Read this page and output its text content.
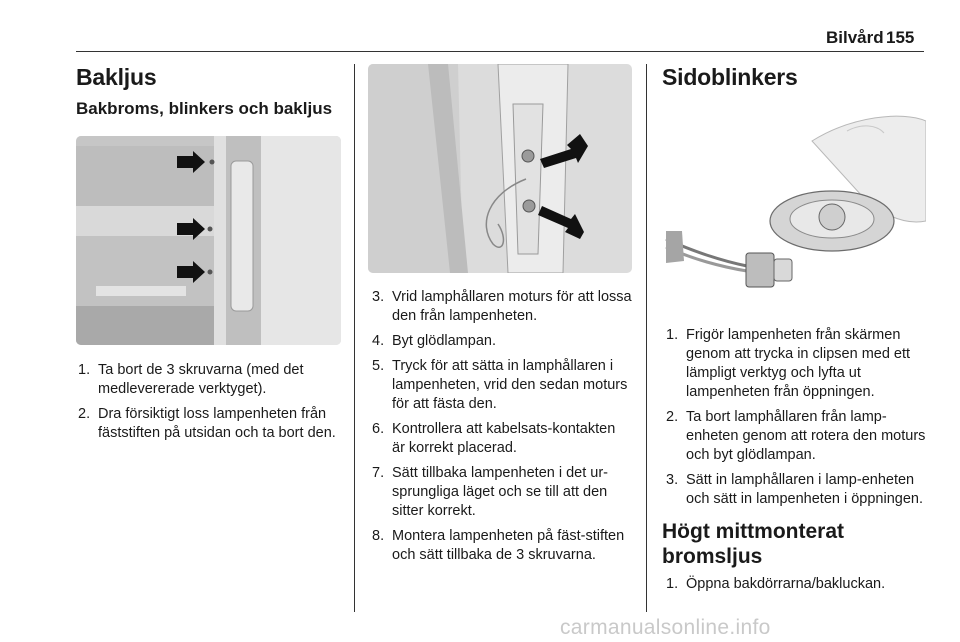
Bilvård 155
Bakljus
Bakbroms, blinkers och bakljus
1. Ta bort de 3 skruvarna (med det medlevererade verktyget).
2. Dra försiktigt loss lampenheten från fäststiften på utsidan och ta bort den.
3. Vrid lamphållaren moturs för att lossa den från lampenheten.
4. Byt glödlampan.
5. Tryck för att sätta in lamphållaren i lampenheten, vrid den sedan moturs för att fästa den.
6. Kontrollera att kabelsats-kontakten är korrekt placerad.
7. Sätt tillbaka lampenheten i det ur-sprungliga läget och se till att den sitter korrekt.
8. Montera lampenheten på fäst-stiften och sätt tillbaka de 3 skruvarna.
Sidoblinkers
1. Frigör lampenheten från skärmen genom att trycka in clipsen med ett lämpligt verktyg och lyfta ut lampenheten från öppningen.
2. Ta bort lamphållaren från lamp-enheten genom att rotera den moturs och byt glödlampan.
3. Sätt in lamphållaren i lamp-enheten och sätt in lampenheten i öppningen.
Högt mittmonterat bromsljus
1. Öppna bakdörrarna/bakluckan.
carmanualsonline.info
